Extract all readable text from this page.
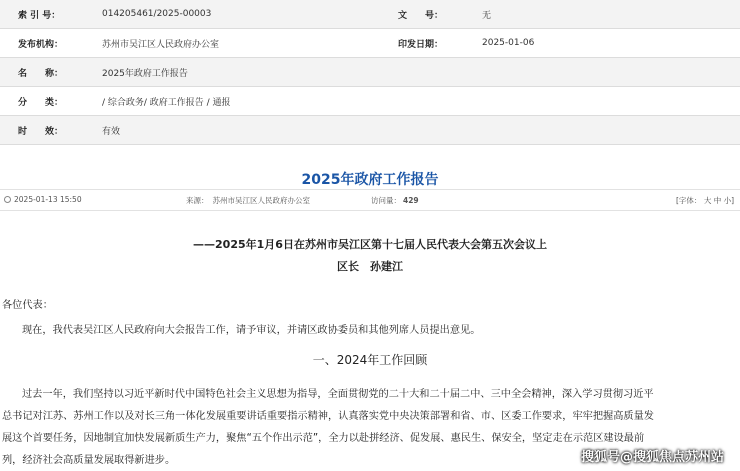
索 引 号：	014205461/2025-00003	文　　号：	无
发布机构：	苏州市吴江区人民政府办公室	印发日期：	2025-01-06
名　　称：	2025年政府工作报告
分　　类：	/ 综合政务/ 政府工作报告 / 通报
时　　效：	有效
2025年政府工作报告
2025-01-13 15:50	来源： 苏州市吴江区人民政府办公室	访问量： 429	[字体： 大 中 小]
——2025年1月6日在苏州市吴江区第十七届人民代表大会第五次会议上
区长　孙建江
各位代表：
现在，我代表吴江区人民政府向大会报告工作，请予审议，并请区政协委员和其他列席人员提出意见。
一、2024年工作回顾
过去一年，我们坚持以习近平新时代中国特色社会主义思想为指导，全面贯彻党的二十大和二十届二中、三中全会精神，深入学习贯彻习近平
总书记对江苏、苏州工作以及对长三角一体化发展重要讲话重要指示精神，认真落实党中央决策部署和省、市、区委工作要求，牢牢把握高质量发
展这个首要任务，因地制宜加快发展新质生产力，聚焦“五个作出示范”，全力以赴拼经济、促发展、惠民生、保安全，坚定走在示范区建设最前
列，经济社会高质量发展取得新进步。	搜狐号@搜狐焦点苏州站
